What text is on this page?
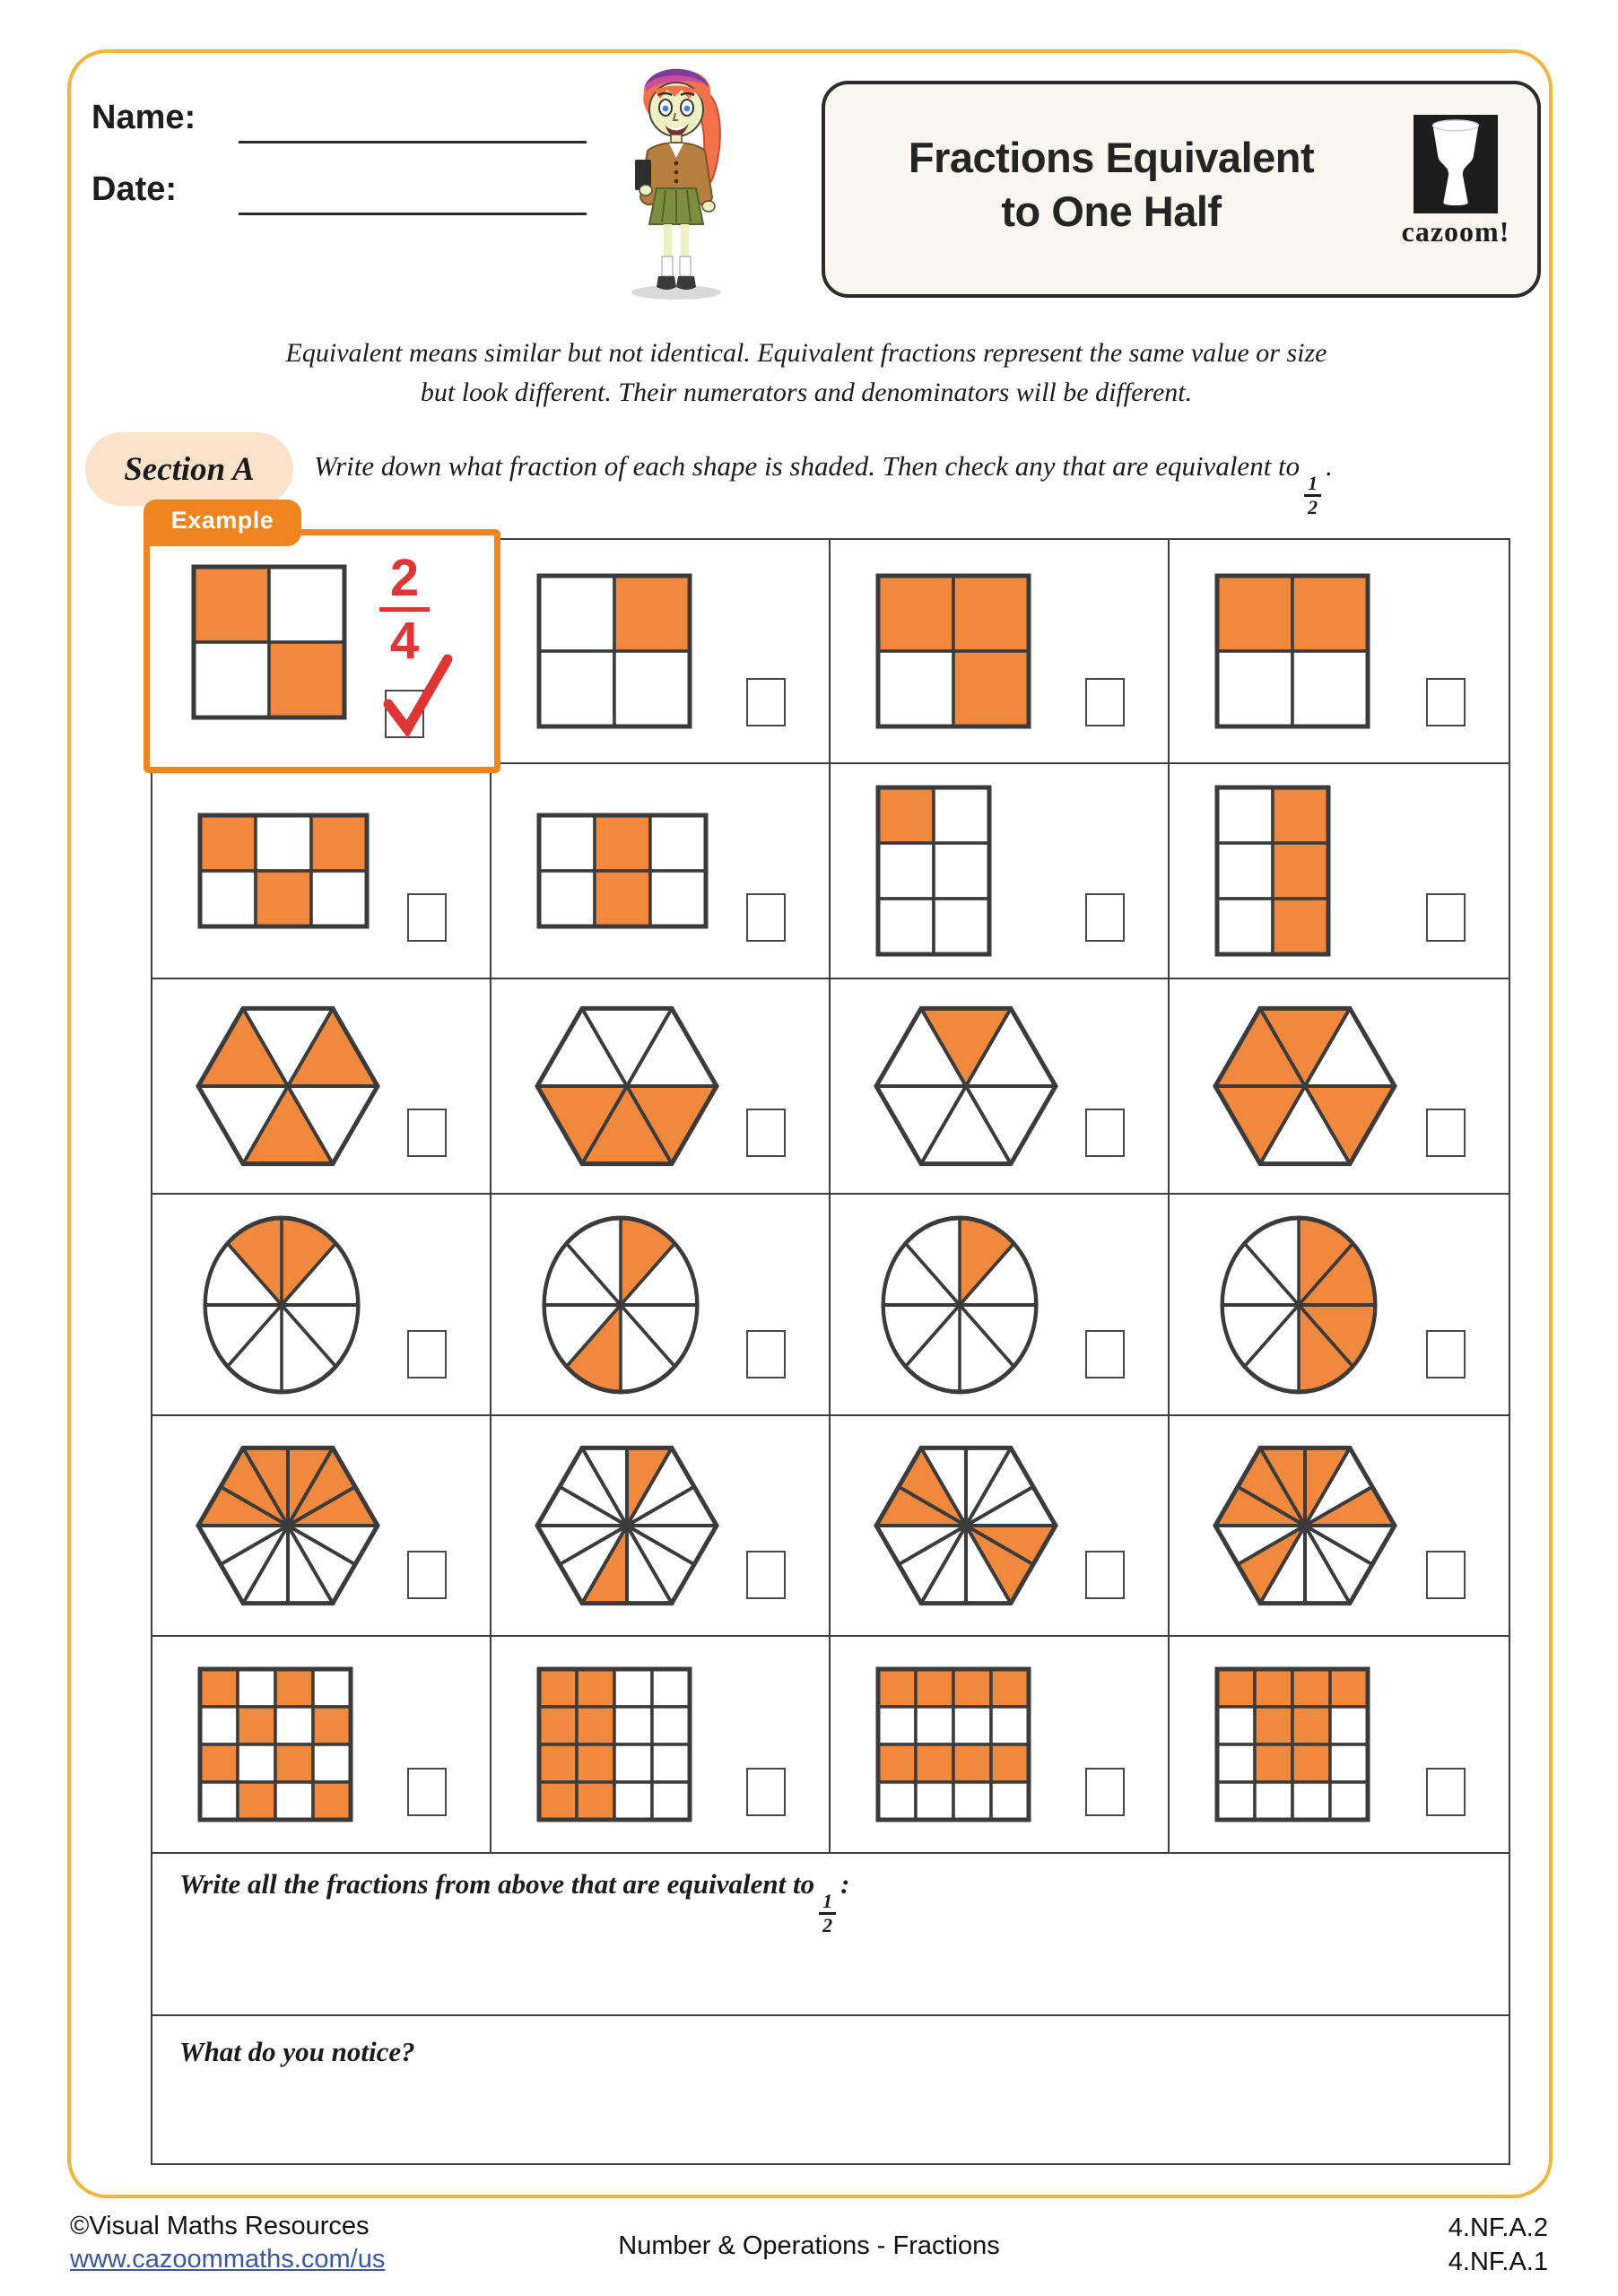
Name:
Date:
Fractions Equivalent
to One Half	cazoom!
Equivalent means similar but not identical. Equivalent fractions represent the same value or size
but look different. Their numerators and denominators will be different.
Section A	Write down what fraction of each shape is shaded. Then check any that are equivalent to
$\frac{1}{2}$
.
Example
2
4
Write all the fractions from above that are equivalent to
$\frac{1}{2}$
:
What do you notice?
©Visual Maths Resources
www.cazoommaths.com/us	Number & Operations - Fractions
4.NF.A.2
4.NF.A.1
